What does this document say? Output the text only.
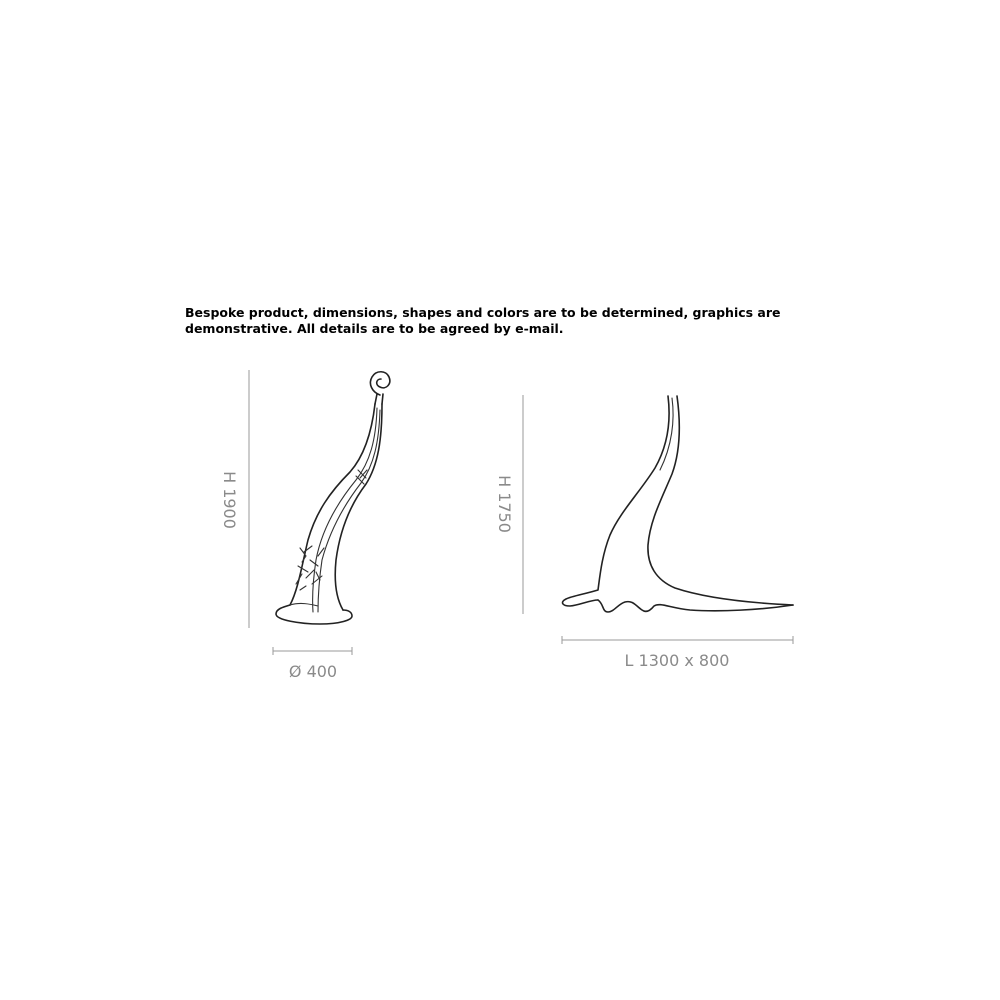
Bespoke product, dimensions, shapes and colors are to be determined, graphics are
demonstrative. All details are to be agreed by e-mail.

H 1900
Ø 400
H 1750
L 1300 x 800
